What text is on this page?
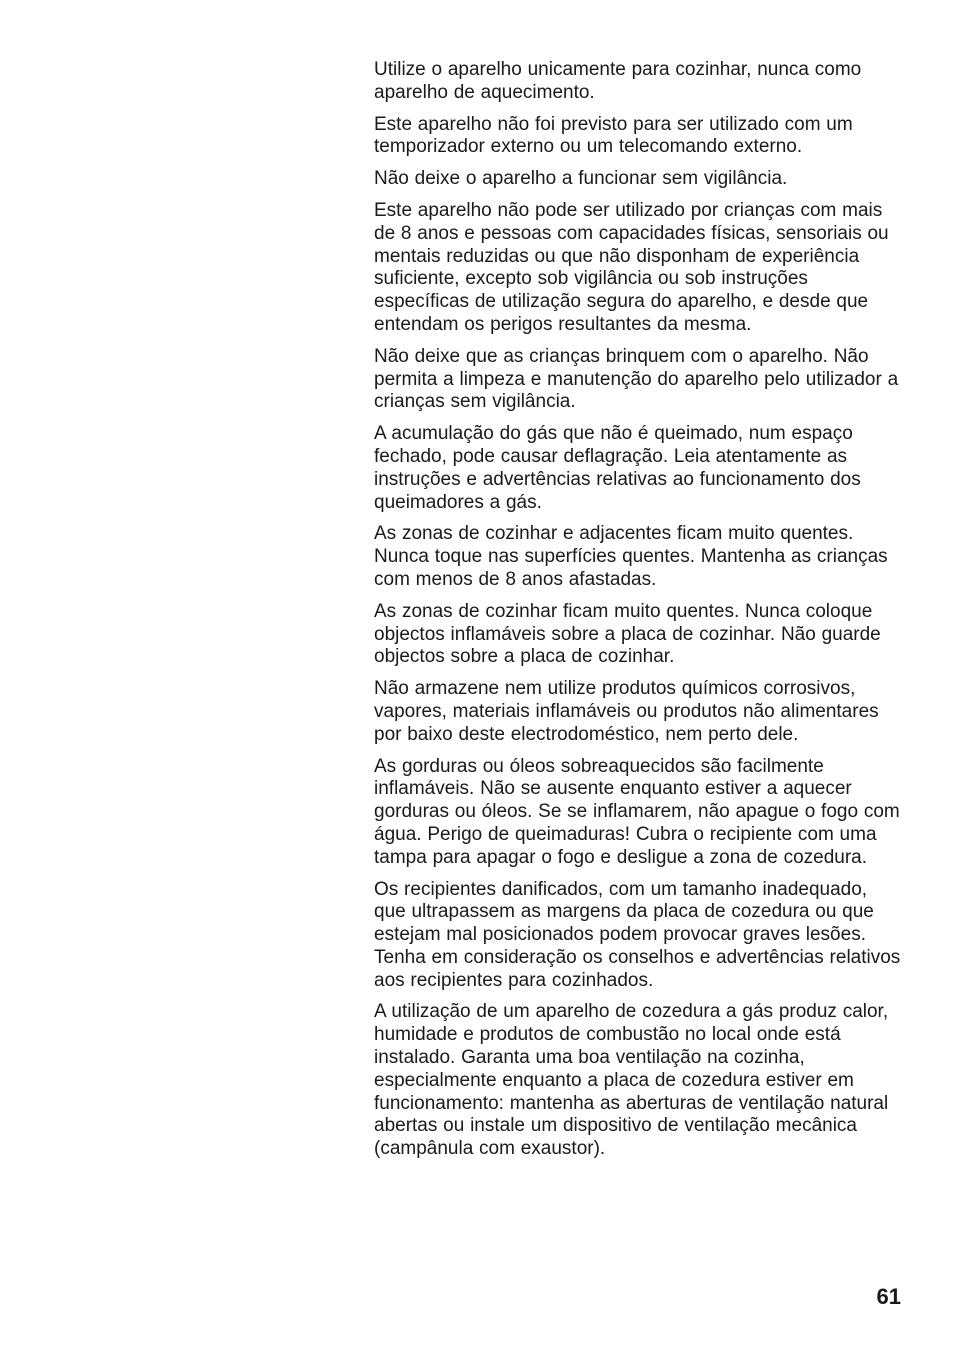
Utilize o aparelho unicamente para cozinhar, nunca como aparelho de aquecimento.

Este aparelho não foi previsto para ser utilizado com um temporizador externo ou um telecomando externo.

Não deixe o aparelho a funcionar sem vigilância.

Este aparelho não pode ser utilizado por crianças com mais de 8 anos e pessoas com capacidades físicas, sensoriais ou mentais reduzidas ou que não disponham de experiência suficiente, excepto sob vigilância ou sob instruções específicas de utilização segura do aparelho, e desde que entendam os perigos resultantes da mesma.

Não deixe que as crianças brinquem com o aparelho. Não permita a limpeza e manutenção do aparelho pelo utilizador a crianças sem vigilância.

A acumulação do gás que não é queimado, num espaço fechado, pode causar deflagração. Leia atentamente as instruções e advertências relativas ao funcionamento dos queimadores a gás.

As zonas de cozinhar e adjacentes ficam muito quentes. Nunca toque nas superfícies quentes. Mantenha as crianças com menos de 8 anos afastadas.

As zonas de cozinhar ficam muito quentes. Nunca coloque objectos inflamáveis sobre a placa de cozinhar. Não guarde objectos sobre a placa de cozinhar.

Não armazene nem utilize produtos químicos corrosivos, vapores, materiais inflamáveis ou produtos não alimentares por baixo deste electrodoméstico, nem perto dele.

As gorduras ou óleos sobreaquecidos são facilmente inflamáveis. Não se ausente enquanto estiver a aquecer gorduras ou óleos. Se se inflamarem, não apague o fogo com água. Perigo de queimaduras! Cubra o recipiente com uma tampa para apagar o fogo e desligue a zona de cozedura.

Os recipientes danificados, com um tamanho inadequado, que ultrapassem as margens da placa de cozedura ou que estejam mal posicionados podem provocar graves lesões. Tenha em consideração os conselhos e advertências relativos aos recipientes para cozinhados.

A utilização de um aparelho de cozedura a gás produz calor, humidade e produtos de combustão no local onde está instalado. Garanta uma boa ventilação na cozinha, especialmente enquanto a placa de cozedura estiver em funcionamento: mantenha as aberturas de ventilação natural abertas ou instale um dispositivo de ventilação mecânica (campânula com exaustor).

61
